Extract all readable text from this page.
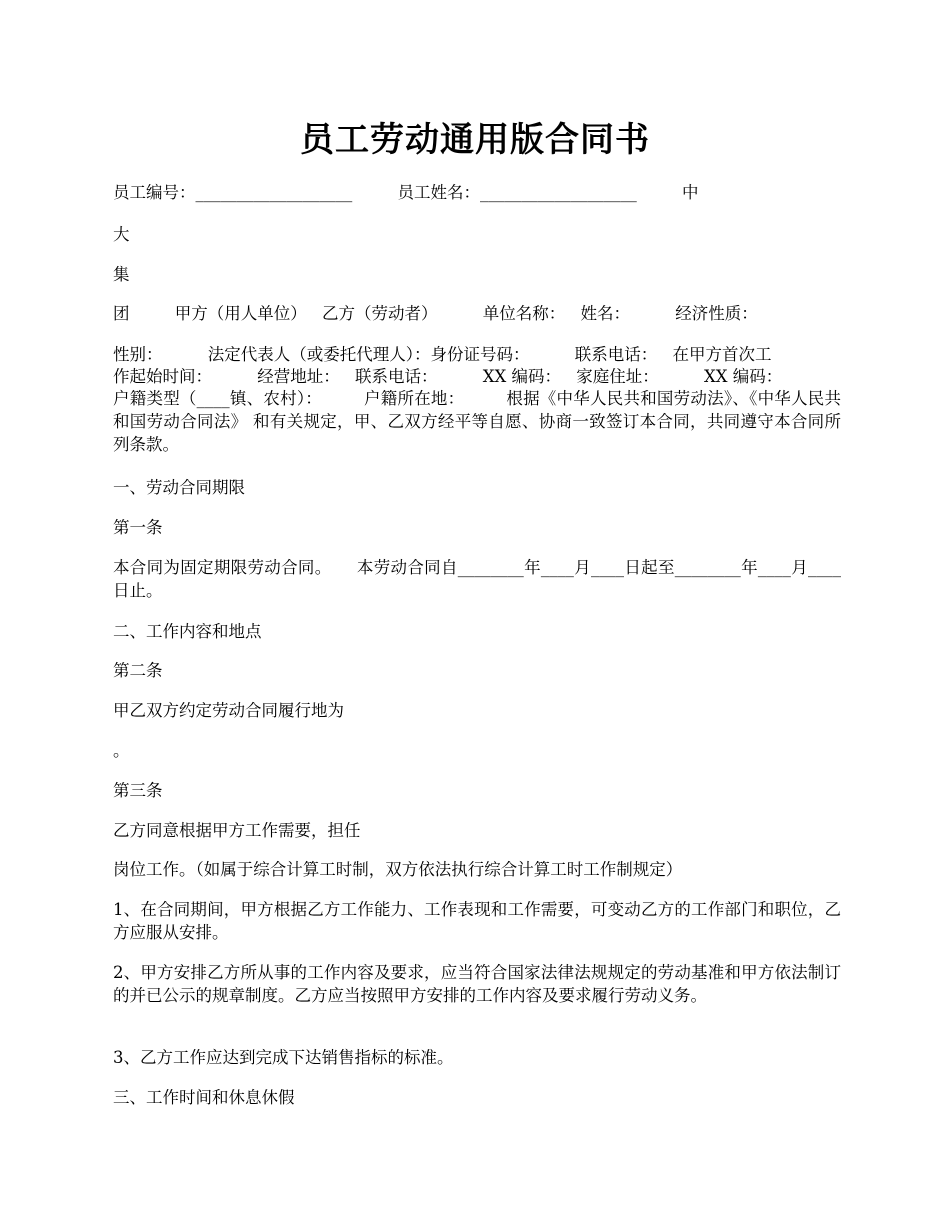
员工劳动通用版合同书
员工编号：___________________	员工姓名：___________________	中
大
集
团	甲方（用人单位） 乙方（劳动者）	单位名称： 姓名：	经济性质：
性别：	法定代表人（或委托代理人）：身份证号码：	联系电话： 在甲方首次工
作起始时间：	经营地址： 联系电话：	XX 编码： 家庭住址：	XX 编码：
户籍类型（____镇、农村）：　　　户籍所在地：　　　根据《中华人民共和国劳动法》、《中华人民共和国劳动合同法》 和有关规定，甲、乙双方经平等自愿、协商一致签订本合同，共同遵守本合同所列条款。
一、劳动合同期限
第一条
本合同为固定期限劳动合同。　　本劳动合同自________年____月____日起至________年____月____日止。
二、工作内容和地点
第二条
甲乙双方约定劳动合同履行地为
。
第三条
乙方同意根据甲方工作需要，担任
岗位工作。（如属于综合计算工时制，双方依法执行综合计算工时工作制规定）
1、在合同期间，甲方根据乙方工作能力、工作表现和工作需要，可变动乙方的工作部门和职位，乙方应服从安排。
2、甲方安排乙方所从事的工作内容及要求，应当符合国家法律法规规定的劳动基准和甲方依法制订的并已公示的规章制度。乙方应当按照甲方安排的工作内容及要求履行劳动义务。
3、乙方工作应达到完成下达销售指标的标准。
三、工作时间和休息休假
